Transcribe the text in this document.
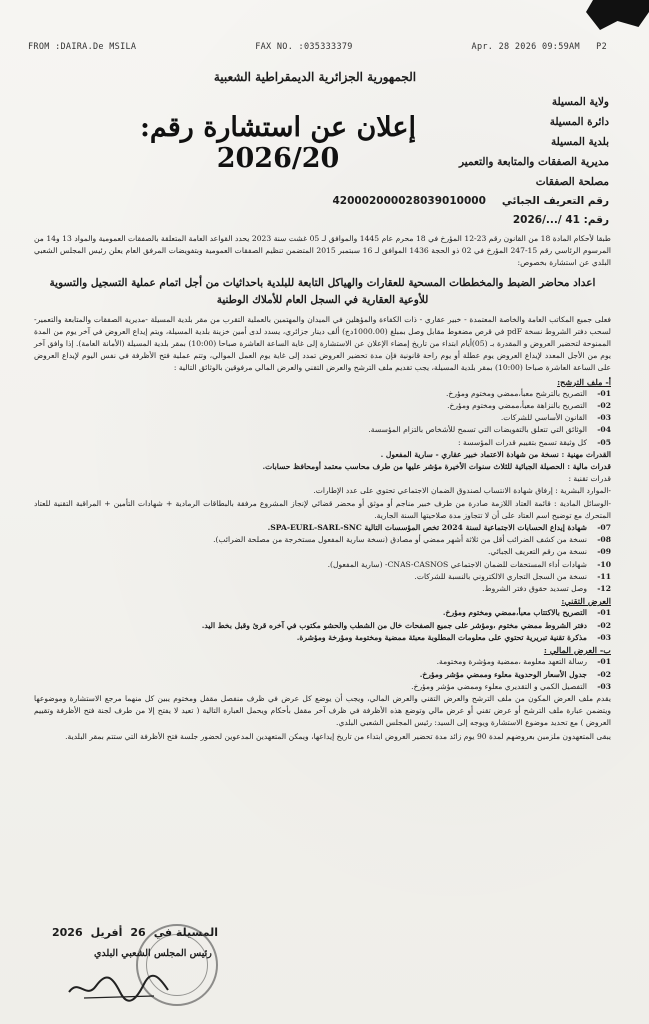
FROM :DAIRA.De MSILA	FAX NO. :035333379	Apr. 28 2026 09:59AM P2
الجمهورية الجزائرية الديمقراطية الشعبية
ولاية المسيلة
دائرة المسيلة
بلدية المسيلة
مديرية الصفقات والمتابعة والتعمير
مصلحة الصفقات
إعلان عن استشارة رقم: 2026/20
رقم التعريف الجبائي
420002000028039010000
رقم: 41 /.../2026

طبقا لأحكام المادة 18 من القانون رقم 23-12 المؤرخ في 18 محرم عام 1445 والموافق لـ 05 غشت سنة 2023 يحدد القواعد العامة المتعلقة بالصفقات العمومية والمواد 13 و14 من المرسوم الرئاسي رقم 15-247 المؤرخ في 02 ذو الحجة 1436 الموافق لـ 16 سبتمبر 2015 المتضمن تنظيم الصفقات العمومية وبتفويضات المرفق العام يعلن رئيس المجلس الشعبي البلدي عن استشارة بخصوص:

اعداد محاضر الضبط والمخططات المسحية للعقارات والهياكل التابعة للبلدية باحداثيات من أجل اتمام عملية التسجيل والتسوية للأوعية العقارية في السجل العام للأملاك الوطنية

فعلى جميع المكاتب العامة والخاصة المعتمدة - خبير عقاري - ذات الكفاءة والمؤهلين في الميدان والمهتمين بالعملية التقرب من مقر بلدية المسيلة -مديرية الصفقات والمتابعة والتعمير- لسحب دفتر الشروط نسخة pdF في قرص مضغوط مقابل وصل بمبلغ (1000.00دج) ألف دينار جزائري، يسدد لدى أمين خزينة بلدية المسيلة، ويتم إيداع العروض في آخر يوم من المدة الممنوحة لتحضير العروض و المقدرة بـ (05)أيام ابتداء من تاريخ إمضاء الإعلان عن الاستشارة إلى غاية الساعة العاشرة صباحا (10:00) بمقر بلدية المسيلة (الأمانة العامة). إذا وافق آخر يوم من الأجل المعدد لإيداع العروض يوم عطلة أو يوم راحة قانونية فإن مدة تحضير العروض تمدد إلى غاية يوم العمل الموالي، وتتم عملية فتح الأظرفة في نفس اليوم لإيداع العروض على الساعة العاشرة صباحا (10:00) بمقر بلدية المسيلة، يجب تقديم ملف الترشح والعرض التقني والعرض المالي مرفوقين بالوثائق التالية :

أ- ملف الترشح:
01-
التصريح بالترشح معبأ،ممضي ومختوم ومؤرخ.
02-
التصريح بالنزاهة معبأ،ممضي ومختوم ومؤرخ.
03-
القانون الأساسي للشركات.
04-
الوثائق التي تتعلق بالتفويضات التي تسمح للأشخاص بالتزام المؤسسة.
05-
كل وثيقة تسمح بتقييم قدرات المؤسسة :
القدرات مهنية : نسخة من شهادة الاعتماد خبير عقاري - سارية المفعول .
قدرات مالية : الحصيلة الجبائية للثلاث سنوات الأخيرة مؤشر عليها من طرف محاسب معتمد أومحافظ حسابات.
قدرات تقنية :
-الموارد البشرية : إرفاق شهادة الانتساب لصندوق الضمان الاجتماعي تحتوي على عدد الإطارات.
-الوسائل المادية : قائمة العتاد اللازمة صادرة من طرف خبير مناجم أو موثق أو محضر قضائي لإنجاز المشروع مرفقة بالبطاقات الرمادية + شهادات التأمين + المراقبة التقنية للعتاد المتحرك مع توضيح اسم العتاد على أن لا تتجاوز مدة صلاحيتها السنة الجارية.
07-
شهادة إيداع الحسابات الاجتماعية لسنة 2024 تخص المؤسسات التالية SPA-EURL-SARL-SNC.
08-
نسخة من كشف الضرائب أقل من ثلاثة أشهر ممضي أو مصادق (نسخة سارية المفعول مستخرجة من مصلحة الضرائب).
09-
نسخة من رقم التعريف الجبائي.
10-
شهادات أداء المستحقات للضمان الاجتماعي CNAS-CASNOS- (سارية المفعول).
11-
نسخة من السجل التجاري الالكتروني بالنسبة للشركات.
12-
وصل تسديد حقوق دفتر الشروط.
العرض التقني:
01-
التصريح بالاكتتاب معبأ،ممضي ومختوم ومؤرخ.
02-
دفتر الشروط ممضي مختوم ،ومؤشر على جميع الصفحات خال من الشطب والحشو مكتوب في آخره قرئ وقبل بخط اليد.
03-
مذكرة تقنية تبريرية تحتوي على معلومات المطلوبة معبئة ممضية ومختومة ومؤرخة ومؤشرة.
ب- العرض المالي :
01-
رسالة التعهد معلومة ،ممضية ومؤشرة ومختومة.
02-
جدول الأسعار الوحدوية معلوء وممضي مؤشر ومؤرخ.
03-
التفصيل الكمي و التقديري معلوء وممضي مؤشر ومؤرخ.

يقدم ملف العرض المكون من ملف الترشح والعرض التقني والعرض المالي، ويجب أن يوضع كل عرض في ظرف منفصل مقفل ومختوم يبين كل منهما مرجع الاستشارة وموضوعها ويتضمن عبارة ملف الترشح أو عرض تقني أو عرض مالي وتوضع هذه الأظرفة في ظرف آخر مقفل بأحكام ويحمل العبارة التالية ( تعيد لا يفتح إلا من طرف لجنة فتح الأظرفة وتقييم العروض ) مع تحديد موضوع الاستشارة ويوجه إلى السيد: رئيس المجلس الشعبي البلدي.

يبقى المتعهدون ملزمين بعروضهم لمدة 90 يوم زائد مدة تحضير العروض ابتداء من تاريخ إيداعها، ويمكن المتعهدين المدعوين لحضور جلسة فتح الأظرفة التي ستتم بمقر البلدية.

2026 أفريل 26 المسيلة في
رئيس المجلس الشعبي البلدي
